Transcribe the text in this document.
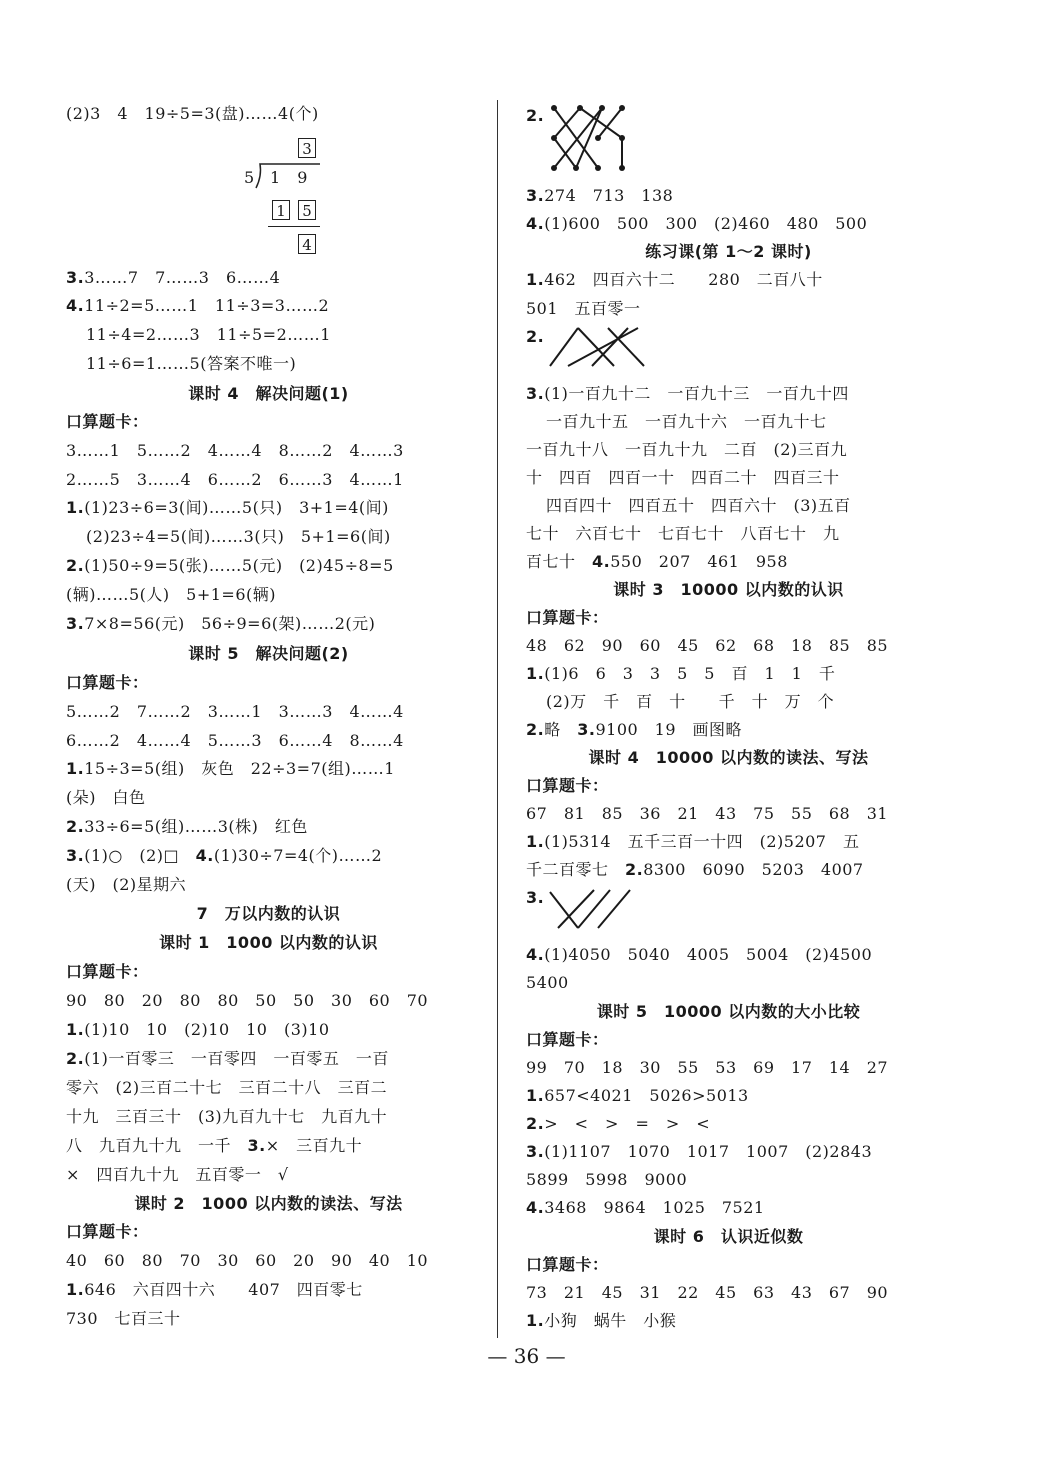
(2)3　4　19÷5=3(盘)……4(个)
3
5 1 9
1 5
4
3.3……7　7……3　6……4
4.11÷2=5……1　11÷3=3……2
11÷4=2……3　11÷5=2……1
11÷6=1……5(答案不唯一)
课时 4　解决问题(1)
口算题卡：
3……1　5……2　4……4　8……2　4……3
2……5　3……4　6……2　6……3　4……1
1.(1)23÷6=3(间)……5(只)　3+1=4(间)
(2)23÷4=5(间)……3(只)　5+1=6(间)
2.(1)50÷9=5(张)……5(元)　(2)45÷8=5
(辆)……5(人)　5+1=6(辆)
3.7×8=56(元)　56÷9=6(架)……2(元)
课时 5　解决问题(2)
口算题卡：
5……2　7……2　3……1　3……3　4……4
6……2　4……4　5……3　6……4　8……4
1.15÷3=5(组)　灰色　22÷3=7(组)……1
(朵)　白色
2.33÷6=5(组)……3(株)　红色
3.(1)○　(2)□　4.(1)30÷7=4(个)……2
(天)　(2)星期六
7　万以内数的认识
课时 1　1000 以内数的认识
口算题卡：
90　80　20　80　80　50　50　30　60　70
1.(1)10　10　(2)10　10　(3)10
2.(1)一百零三　一百零四　一百零五　一百
零六　(2)三百二十七　三百二十八　三百二
十九　三百三十　(3)九百九十七　九百九十
八　九百九十九　一千　3.×　三百九十
×　四百九十九　五百零一　√
课时 2　1000 以内数的读法、写法
口算题卡：
40　60　80　70　30　60　20　90　40　10
1.646　六百四十六　　407　四百零七
730　七百三十
2.
3.274　713　138
4.(1)600　500　300　(2)460　480　500
练习课(第 1～2 课时)
1.462　四百六十二　　280　二百八十
501　五百零一
2.
3.(1)一百九十二　一百九十三　一百九十四
一百九十五　一百九十六　一百九十七
一百九十八　一百九十九　二百　(2)三百九
十　四百　四百一十　四百二十　四百三十
四百四十　四百五十　四百六十　(3)五百
七十　六百七十　七百七十　八百七十　九
百七十　4.550　207　461　958
课时 3　10000 以内数的认识
口算题卡：
48　62　90　60　45　62　68　18　85　85
1.(1)6　6　3　3　5　5　百　1　1　千
(2)万　千　百　十　　千　十　万　个
2.略　3.9100　19　画图略
课时 4　10000 以内数的读法、写法
口算题卡：
67　81　85　36　21　43　75　55　68　31
1.(1)5314　五千三百一十四　(2)5207　五
千二百零七　2.8300　6090　5203　4007
3.
4.(1)4050　5040　4005　5004　(2)4500
5400
课时 5　10000 以内数的大小比较
口算题卡：
99　70　18　30　55　53　69　17　14　27
1.657<4021　5026>5013
2.>　<　>　=　>　<
3.(1)1107　1070　1017　1007　(2)2843
5899　5998　9000
4.3468　9864　1025　7521
课时 6　认识近似数
口算题卡：
73　21　45　31　22　45　63　43　67　90
1.小狗　蜗牛　小猴
— 36 —
